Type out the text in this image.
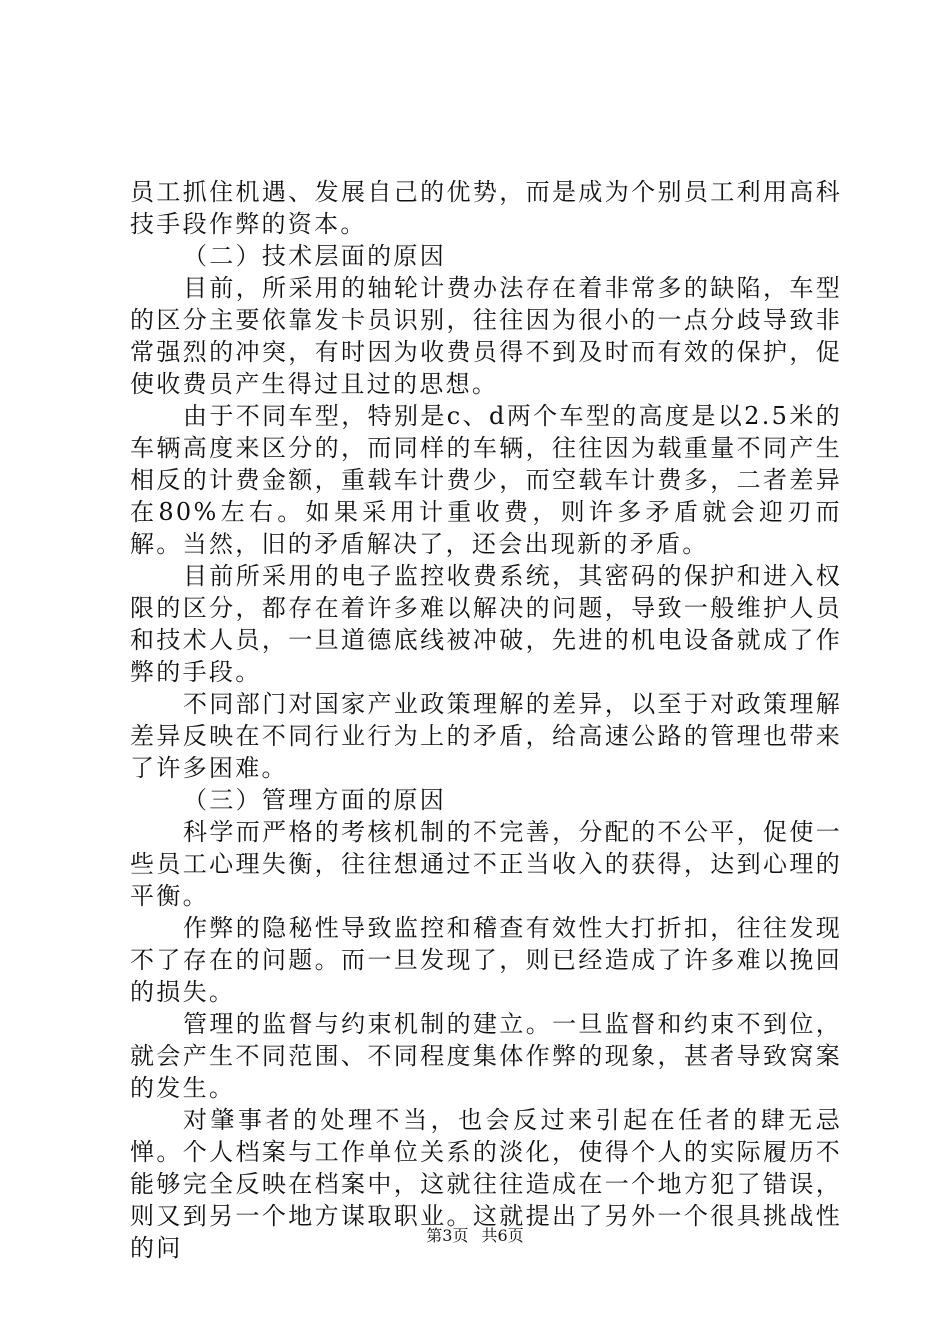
员工抓住机遇、发展自己的优势，而是成为个别员工利用高科技手段作弊的资本。

（二）技术层面的原因

目前，所采用的轴轮计费办法存在着非常多的缺陷，车型的区分主要依靠发卡员识别，往往因为很小的一点分歧导致非常强烈的冲突，有时因为收费员得不到及时而有效的保护，促使收费员产生得过且过的思想。

由于不同车型，特别是c、d两个车型的高度是以2.5米的车辆高度来区分的，而同样的车辆，往往因为载重量不同产生相反的计费金额，重载车计费少，而空载车计费多，二者差异在80%左右。如果采用计重收费，则许多矛盾就会迎刃而解。当然，旧的矛盾解决了，还会出现新的矛盾。

目前所采用的电子监控收费系统，其密码的保护和进入权限的区分，都存在着许多难以解决的问题，导致一般维护人员和技术人员，一旦道德底线被冲破，先进的机电设备就成了作弊的手段。

不同部门对国家产业政策理解的差异，以至于对政策理解差异反映在不同行业行为上的矛盾，给高速公路的管理也带来了许多困难。

（三）管理方面的原因

科学而严格的考核机制的不完善，分配的不公平，促使一些员工心理失衡，往往想通过不正当收入的获得，达到心理的平衡。

作弊的隐秘性导致监控和稽查有效性大打折扣，往往发现不了存在的问题。而一旦发现了，则已经造成了许多难以挽回的损失。

管理的监督与约束机制的建立。一旦监督和约束不到位，就会产生不同范围、不同程度集体作弊的现象，甚者导致窝案的发生。

对肇事者的处理不当，也会反过来引起在任者的肆无忌惮。个人档案与工作单位关系的淡化，使得个人的实际履历不能够完全反映在档案中，这就往往造成在一个地方犯了错误，则又到另一个地方谋取职业。这就提出了另外一个很具挑战性的问	第3页 共6页
